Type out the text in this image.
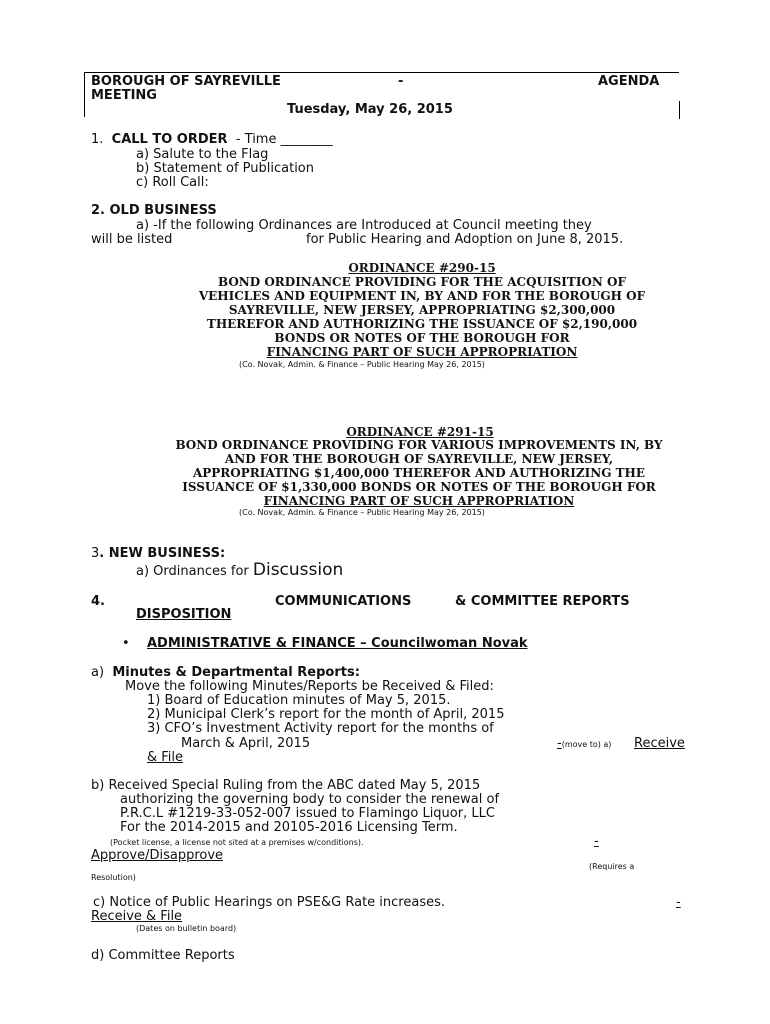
BOROUGH OF SAYREVILLE	-	AGENDA
MEETING
Tuesday, May 26, 2015
1. CALL TO ORDER - Time ________
a) Salute to the Flag
b) Statement of Publication
c) Roll Call:
2. OLD BUSINESS
a) -If the following Ordinances are Introduced at Council meeting they
will be listed	for Public Hearing and Adoption on June 8, 2015.
ORDINANCE #290-15
BOND ORDINANCE PROVIDING FOR THE ACQUISITION OF
VEHICLES AND EQUIPMENT IN, BY AND FOR THE BOROUGH OF
SAYREVILLE, NEW JERSEY, APPROPRIATING $2,300,000
THEREFOR AND AUTHORIZING THE ISSUANCE OF $2,190,000
BONDS OR NOTES OF THE BOROUGH FOR
FINANCING PART OF SUCH APPROPRIATION
(Co. Novak, Admin. & Finance – Public Hearing May 26, 2015)
ORDINANCE #291-15
BOND ORDINANCE PROVIDING FOR VARIOUS IMPROVEMENTS IN, BY
AND FOR THE BOROUGH OF SAYREVILLE, NEW JERSEY,
APPROPRIATING $1,400,000 THEREFOR AND AUTHORIZING THE
ISSUANCE OF $1,330,000 BONDS OR NOTES OF THE BOROUGH FOR
FINANCING PART OF SUCH APPROPRIATION
(Co. Novak, Admin. & Finance – Public Hearing May 26, 2015)
3. NEW BUSINESS:
a) Ordinances for Discussion
4.	COMMUNICATIONS	& COMMITTEE REPORTS
DISPOSITION
• ADMINISTRATIVE & FINANCE – Councilwoman Novak
a) Minutes & Departmental Reports:
Move the following Minutes/Reports be Received & Filed:
1) Board of Education minutes of May 5, 2015.
2) Municipal Clerk’s report for the month of April, 2015
3) CFO’s Investment Activity report for the months of
March & April, 2015	-(move to) a) Receive
& File
b) Received Special Ruling from the ABC dated May 5, 2015
authorizing the governing body to consider the renewal of
P.R.C.L #1219-33-052-007 issued to Flamingo Liquor, LLC
For the 2014-2015 and 20105-2016 Licensing Term.
(Pocket license, a license not sited at a premises w/conditions).	-
Approve/Disapprove
(Requires a
Resolution)
c) Notice of Public Hearings on PSE&G Rate increases.	-
Receive & File
(Dates on bulletin board)
d) Committee Reports
